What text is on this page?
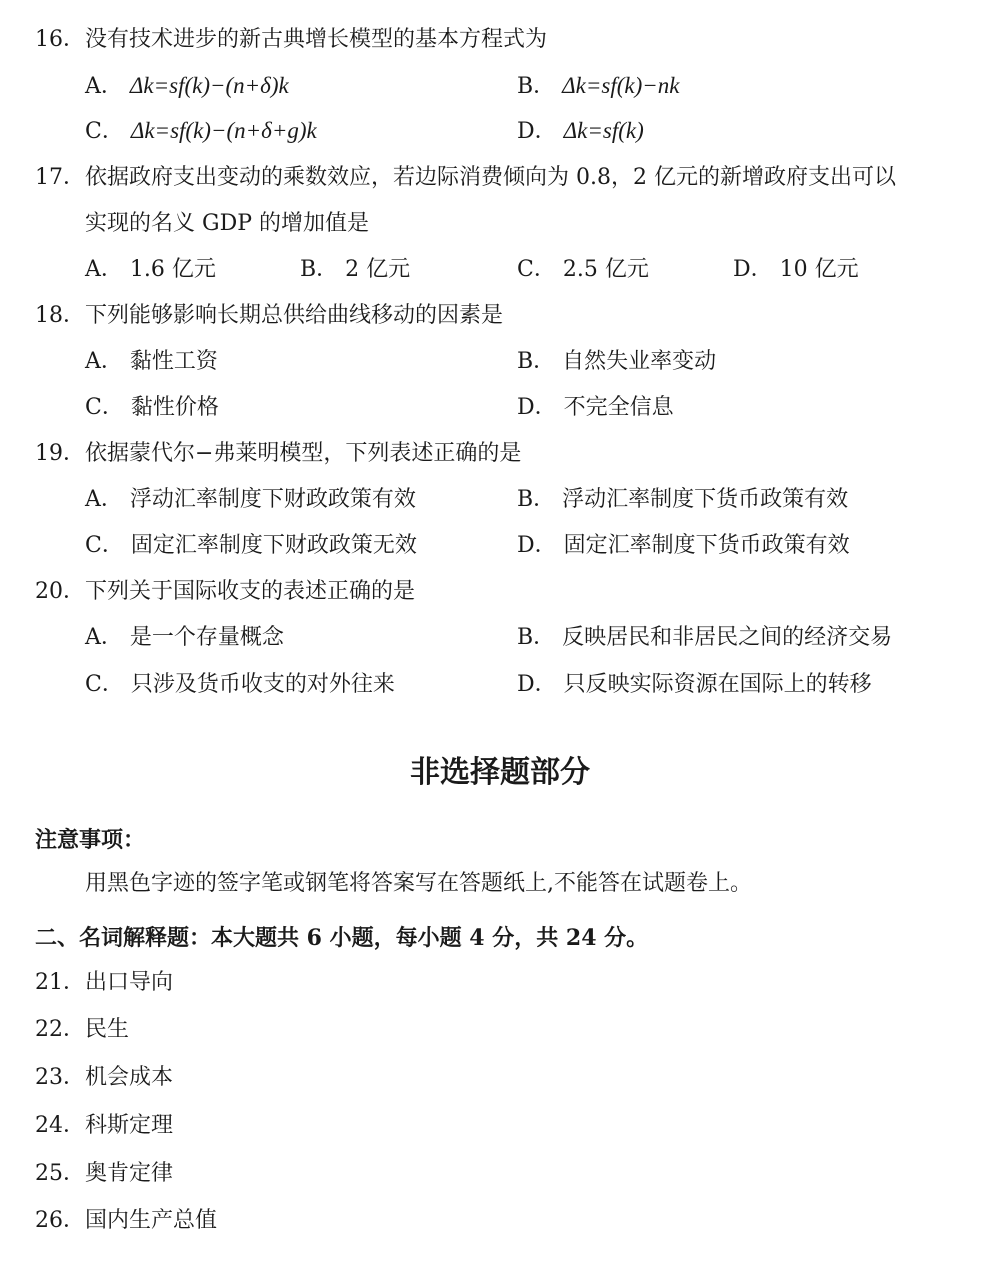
16．没有技术进步的新古典增长模型的基本方程式为
A． Δk=sf(k)−(n+δ)k	B． Δk=sf(k)−nk
C． Δk=sf(k)−(n+δ+g)k	D． Δk=sf(k)
17．依据政府支出变动的乘数效应，若边际消费倾向为 0.8，2 亿元的新增政府支出可以
实现的名义 GDP 的增加值是
A． 1.6 亿元	B． 2 亿元	C． 2.5 亿元	D． 10 亿元
18．下列能够影响长期总供给曲线移动的因素是
A． 黏性工资	B． 自然失业率变动
C． 黏性价格	D． 不完全信息
19．依据蒙代尔−弗莱明模型，下列表述正确的是
A． 浮动汇率制度下财政政策有效	B． 浮动汇率制度下货币政策有效
C． 固定汇率制度下财政政策无效	D． 固定汇率制度下货币政策有效
20．下列关于国际收支的表述正确的是
A． 是一个存量概念	B． 反映居民和非居民之间的经济交易
C． 只涉及货币收支的对外往来	D． 只反映实际资源在国际上的转移
非选择题部分
注意事项：
用黑色字迹的签字笔或钢笔将答案写在答题纸上,不能答在试题卷上。
二、名词解释题：本大题共 6 小题，每小题 4 分，共 24 分。
21．出口导向
22．民生
23．机会成本
24．科斯定理
25．奥肯定律
26．国内生产总值
